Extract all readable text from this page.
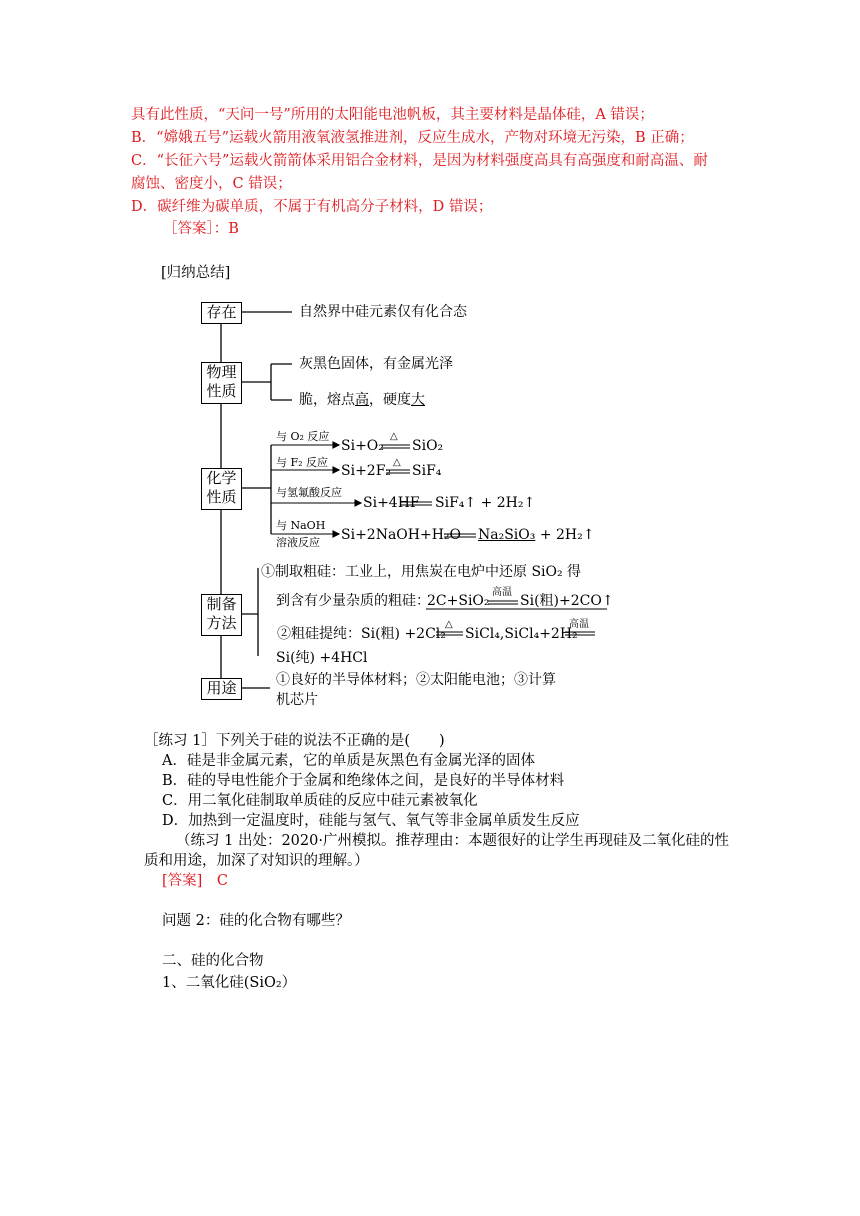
具有此性质，“天问一号”所用的太阳能电池帆板，其主要材料是晶体硅，A 错误；
B．“嫦娥五号”运载火箭用液氧液氢推进剂，反应生成水，产物对环境无污染，B 正确；
C．“长征六号”运载火箭箭体采用铝合金材料，是因为材料强度高具有高强度和耐高温、耐
腐蚀、密度小，C 错误；
D．碳纤维为碳单质，不属于有机高分子材料，D 错误；
［答案］：B
[归纳总结]
存在
物理
性质
化学
性质
制备
方法
用途
自然界中硅元素仅有化合态
灰黑色固体，有金属光泽
脆，熔点高，硬度大
与 O₂ 反应
Si+O₂
△
SiO₂
与 F₂ 反应
Si+2F₂
△
SiF₄
与氢氟酸反应
Si+4HF SiF₄↑ + 2H₂↑
与 NaOH
溶液反应 Si+2NaOH+H₂O Na₂SiO₃ + 2H₂↑
①制取粗硅：工业上，用焦炭在电炉中还原 SiO₂ 得
到含有少量杂质的粗硅：
2C+SiO₂
高温
Si(粗)+2CO↑
②粗硅提纯：Si(粗) +2Cl₂
△
SiCl₄,SiCl₄+2H₂
高温
Si(纯) +4HCl
①良好的半导体材料；②太阳能电池；③计算
机芯片
［练习 1］下列关于硅的说法不正确的是(　　)
A．硅是非金属元素，它的单质是灰黑色有金属光泽的固体
B．硅的导电性能介于金属和绝缘体之间，是良好的半导体材料
C．用二氧化硅制取单质硅的反应中硅元素被氧化
D．加热到一定温度时，硅能与氢气、氧气等非金属单质发生反应
（练习 1 出处：2020·广州模拟。推荐理由：本题很好的让学生再现硅及二氧化硅的性
质和用途，加深了对知识的理解。）
[答案]　C
问题 2：硅的化合物有哪些？
二、硅的化合物
1、二氧化硅(SiO₂）
